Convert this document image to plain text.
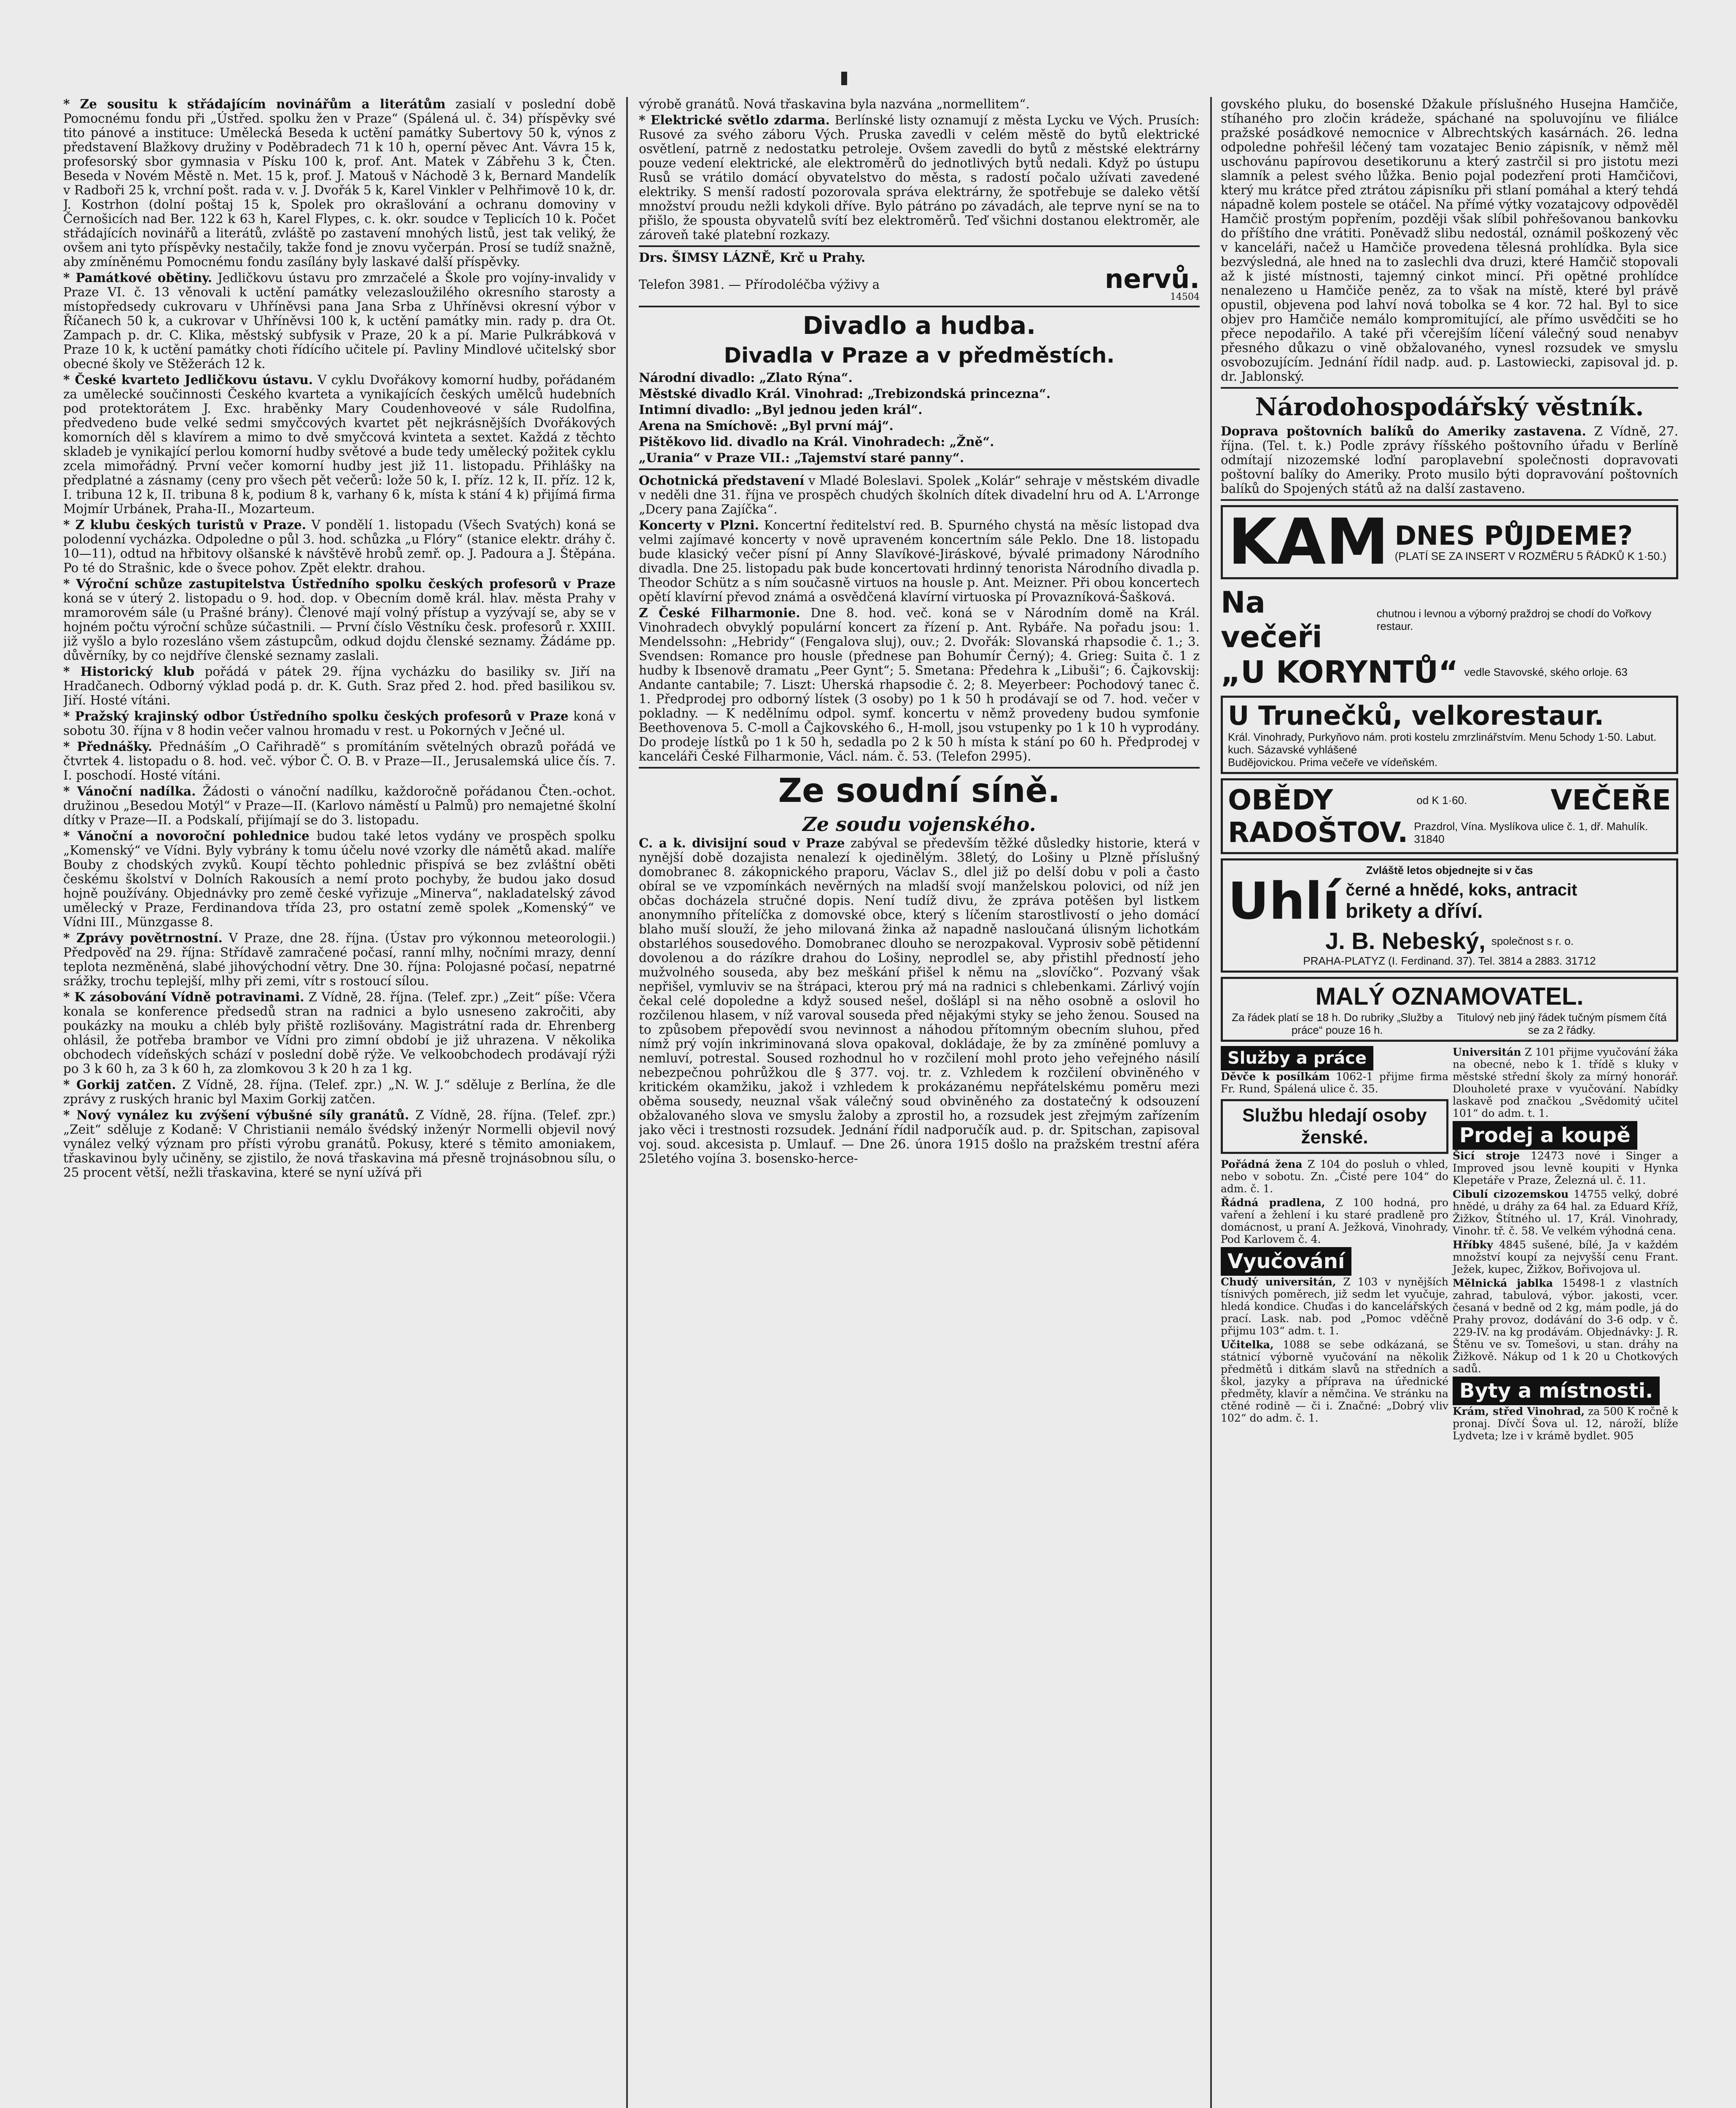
* Ze sousitu k střádajícím novinářům a literátům zasialí v poslední době Pomocnému fondu při „Ústřed. spolku žen v Praze“ (Spálená ul. č. 34) příspěvky své tito pánové a instituce: Umělecká Beseda k uctění památky Subertovy 50 k, výnos z představení Blažkovy družiny v Poděbradech 71 k 10 h, operní pěvec Ant. Vávra 15 k, profesorský sbor gymnasia v Písku 100 k, prof. Ant. Matek v Zábřehu 3 k, Čten. Beseda v Novém Městě n. Met. 15 k, prof. J. Matouš v Náchodě 3 k, Bernard Mandelík v Radboři 25 k, vrchní pošt. rada v. v. J. Dvořák 5 k, Karel Vinkler v Pelhřimově 10 k, dr. J. Kostrhon (dolní poštaj 15 k, Spolek pro okrašlování a ochranu domoviny v Černošicích nad Ber. 122 k 63 h, Karel Flypes, c. k. okr. soudce v Teplicích 10 k. Počet střádajících novinářů a literátů, zvláště po zastavení mnohých listů, jest tak veliký, že ovšem ani tyto příspěvky nestačily, takže fond je znovu vyčerpán. Prosí se tudíž snažně, aby zmíněnému Pomocnému fondu zasílány byly laskavé další příspěvky.

* Památkové obětiny. Jedličkovu ústavu pro zmrzačelé a Škole pro vojíny-invalidy v Praze VI. č. 13 věnovali k uctění památky velezasloužilého okresního starosty a místopředsedy cukrovaru v Uhříněvsi pana Jana Srba z Uhříněvsi okresní výbor v Říčanech 50 k, a cukrovar v Uhříněvsi 100 k, k uctění památky min. rady p. dra Ot. Zampach p. dr. C. Klika, městský subfysik v Praze, 20 k a pí. Marie Pulkrábková v Praze 10 k, k uctění památky choti řídícího učitele pí. Pavliny Mindlové učitelský sbor obecné školy ve Stěžerách 12 k.

* České kvarteto Jedličkovu ústavu. V cyklu Dvořákovy komorní hudby, pořádaném za umělecké součinnosti Českého kvarteta a vynikajících českých umělců hudebních pod protektorátem J. Exc. hraběnky Mary Coudenhoveové v sále Rudolfina, předvedeno bude velké sedmi smyčcových kvartet pět nejkrásnějších Dvořákových komorních děl s klavírem a mimo to dvě smyčcová kvinteta a sextet. Každá z těchto skladeb je vynikající perlou komorní hudby světové a bude tedy umělecký požitek cyklu zcela mimořádný. První večer komorní hudby jest již 11. listopadu. Přihlášky na předplatné a zásnamy (ceny pro všech pět večerů: lože 50 k, I. příz. 12 k, II. příz. 12 k, I. tribuna 12 k, II. tribuna 8 k, podium 8 k, varhany 6 k, místa k stání 4 k) přijímá firma Mojmír Urbánek, Praha-II., Mozarteum.

* Z klubu českých turistů v Praze. V pondělí 1. listopadu (Všech Svatých) koná se polodenní vycházka. Odpoledne o půl 3. hod. schůzka „u Flóry“ (stanice elektr. dráhy č. 10—11), odtud na hřbitovy olšanské k návštěvě hrobů zemř. op. J. Padoura a J. Štěpána. Po té do Strašnic, kde o švece pohov. Zpět elektr. drahou.

* Výroční schůze zastupitelstva Ústředního spolku českých profesorů v Praze koná se v úterý 2. listopadu o 9. hod. dop. v Obecním domě král. hlav. města Prahy v mramorovém sále (u Prašné brány). Členové mají volný přístup a vyzývají se, aby se v hojném počtu výroční schůze súčastnili. — První číslo Věstníku česk. profesorů r. XXIII. již vyšlo a bylo rozesláno všem zástupcům, odkud dojdu členské seznamy. Žádáme pp. důvěrníky, by co nejdříve členské seznamy zaslali.

* Historický klub pořádá v pátek 29. října vycházku do basiliky sv. Jiří na Hradčanech. Odborný výklad podá p. dr. K. Guth. Sraz před 2. hod. před basilikou sv. Jiří. Hosté vítáni.

* Pražský krajinský odbor Ústředního spolku českých profesorů v Praze koná v sobotu 30. října v 8 hodin večer valnou hromadu v rest. u Pokorných v Ječné ul.

* Přednášky. Přednáším „O Cařihradě“ s promítáním světelných obrazů pořádá ve čtvrtek 4. listopadu o 8. hod. več. výbor Č. O. B. v Praze—II., Jerusalemská ulice čís. 7. I. poschodí. Hosté vítáni.

* Vánoční nadílka. Žádosti o vánoční nadílku, každoročně pořádanou Čten.-ochot. družinou „Besedou Motýl“ v Praze—II. (Karlovo náměstí u Palmů) pro nemajetné školní dítky v Praze—II. a Podskalí, přijímají se do 3. listopadu.

* Vánoční a novoroční pohlednice budou také letos vydány ve prospěch spolku „Komenský“ ve Vídni. Byly vybrány k tomu účelu nové vzorky dle námětů akad. malíře Bouby z chodských zvyků. Koupí těchto pohlednic přispívá se bez zvláštní oběti českému školství v Dolních Rakousích a nemí proto pochyby, že budou jako dosud hojně používány. Objednávky pro země české vyřizuje „Minerva“, nakladatelský závod umělecký v Praze, Ferdinandova třída 23, pro ostatní země spolek „Komenský“ ve Vídni III., Münzgasse 8.

* Zprávy povětrnostní. V Praze, dne 28. října. (Ústav pro výkonnou meteorologii.) Předpověď na 29. října: Střídavě zamračené počasí, ranní mlhy, nočními mrazy, denní teplota nezměněná, slabé jihovýchodní větry. Dne 30. října: Polojasné počasí, nepatrné srážky, trochu teplejší, mlhy při zemi, vítr s rostoucí sílou.

* K zásobování Vídně potravinami. Z Vídně, 28. října. (Telef. zpr.) „Zeit“ píše: Včera konala se konference předsedů stran na radnici a bylo usneseno zakročiti, aby poukázky na mouku a chléb byly přiště rozlišovány. Magistrátní rada dr. Ehrenberg ohlásil, že potřeba brambor ve Vídni pro zimní období je již uhrazena. V několika obchodech vídeňských schází v poslední době rýže. Ve velkoobchodech prodávají rýži po 3 k 60 h, za 3 k 60 h, za zlomkovou 3 k 20 h za 1 kg.

* Gorkij zatčen. Z Vídně, 28. října. (Telef. zpr.) „N. W. J.“ sděluje z Berlína, že dle zprávy z ruských hranic byl Maxim Gorkij zatčen.

* Nový vynález ku zvýšení výbušné síly granátů. Z Vídně, 28. října. (Telef. zpr.) „Zeit“ sděluje z Kodaně: V Christianii nemálo švédský inženýr Normelli objevil nový vynález velký význam pro přísti výrobu granátů. Pokusy, které s těmito amoniakem, třaskavinou byly učiněny, se zjistilo, že nová třaskavina má přesně trojnásobnou sílu, o 25 procent větší, nežli třaskavina, které se nyní užívá při

výrobě granátů. Nová třaskavina byla nazvána „normellitem“.

* Elektrické světlo zdarma. Berlínské listy oznamují z města Lycku ve Vých. Prusích: Rusové za svého záboru Vých. Pruska zavedli v celém městě do bytů elektrické osvětlení, patrně z nedostatku petroleje. Ovšem zavedli do bytů z městské elektrárny pouze vedení elektrické, ale elektroměrů do jednotlivých bytů nedali. Když po ústupu Rusů se vrátilo domácí obyvatelstvo do města, s radostí počalo užívati zavedené elektriky. S menší radostí pozorovala správa elektrárny, že spotřebuje se daleko větší množství proudu nežli kdykoli dříve. Bylo pátráno po závadách, ale teprve nyní se na to přišlo, že spousta obyvatelů svítí bez elektroměrů. Teď všichni dostanou elektroměr, ale zároveň také platební rozkazy.

Drs. ŠIMSY LÁZNĚ, Krč u Prahy.

Telefon 3981. — Přírodoléčba výživy a	nervů.
14504
Divadlo a hudba.
Divadla v Praze a v předměstích.

Národní divadlo: „Zlato Rýna“.

Městské divadlo Král. Vinohrad: „Trebizondská princezna“.

Intimní divadlo: „Byl jednou jeden král“.

Arena na Smíchově: „Byl první máj“.

Pištěkovo lid. divadlo na Král. Vinohradech: „Žně“.

„Urania“ v Praze VII.: „Tajemství staré panny“.

Ochotnická představení v Mladé Boleslavi. Spolek „Kolár“ sehraje v městském divadle v neděli dne 31. října ve prospěch chudých školních dítek divadelní hru od A. L'Arronge „Dcery pana Zajíčka“.

Koncerty v Plzni. Koncertní ředitelství red. B. Spurného chystá na měsíc listopad dva velmi zajímavé koncerty v nově upraveném koncertním sále Peklo. Dne 18. listopadu bude klasický večer písní pí Anny Slavíkové-Jiráskové, bývalé primadony Národního divadla. Dne 25. listopadu pak bude koncertovati hrdinný tenorista Národního divadla p. Theodor Schütz a s ním současně virtuos na housle p. Ant. Meizner. Při obou koncertech opětí klavírní převod známá a osvědčená klavírní virtuoska pí Provazníková-Šašková.

Z České Filharmonie. Dne 8. hod. več. koná se v Národním domě na Král. Vinohradech obvyklý populární koncert za řízení p. Ant. Rybáře. Na pořadu jsou: 1. Mendelssohn: „Hebridy“ (Fengalova sluj), ouv.; 2. Dvořák: Slovanská rhapsodie č. 1.; 3. Svendsen: Romance pro housle (přednese pan Bohumír Černý); 4. Grieg: Suita č. 1 z hudby k Ibsenově dramatu „Peer Gynt“; 5. Smetana: Předehra k „Libuši“; 6. Čajkovskij: Andante cantabile; 7. Liszt: Uherská rhapsodie č. 2; 8. Meyerbeer: Pochodový tanec č. 1. Předprodej pro odborný lístek (3 osoby) po 1 k 50 h prodávají se od 7. hod. večer v pokladny. — K nedělnímu odpol. symf. koncertu v němž provedeny budou symfonie Beethovenova 5. C-moll a Čajkovského 6., H-moll, jsou vstupenky po 1 k 10 h vyprodány. Do prodeje lístků po 1 k 50 h, sedadla po 2 k 50 h místa k stání po 60 h. Předprodej v kanceláři České Filharmonie, Václ. nám. č. 53. (Telefon 2995).

Ze soudní síně.
Ze soudu vojenského.

C. a k. divisijní soud v Praze zabýval se především těžké důsledky historie, která v nynější době dozajista nenalezí k ojedinělým. 38letý, do Lošiny u Plzně příslušný domobranec 8. zákopnického praporu, Václav S., dlel již po delší dobu v poli a často obíral se ve vzpomínkách nevěrných na mladší svojí manželskou polovici, od níž jen občas docházela stručné dopis. Není tudíž divu, že zpráva potěšen byl listkem anonymního přítelíčka z domovské obce, který s líčením starostlivostí o jeho domácí blaho muší slouží, že jeho milovaná žinka až napadně nasloučaná úlisným lichotkám obstarléhos sousedového. Domobranec dlouho se nerozpakoval. Vyprosiv sobě pětidenní dovolenou a do rázíkre drahou do Lošiny, neprodlel se, aby přistihl předností jeho mužvolného souseda, aby bez meškání přišel k němu na „slovíčko“. Pozvaný však nepřišel, vymluviv se na štrápaci, kterou prý má na radnici s chlebenkami. Zárlivý vojín čekal celé dopoledne a když soused nešel, došlápl si na něho osobně a oslovil ho rozčilenou hlasem, v níž varoval souseda před nějakými styky se jeho ženou. Soused na to způsobem přepovědí svou nevinnost a náhodou přítomným obecním sluhou, před nímž prý vojín inkriminovaná slova opakoval, dokládaje, že by za zmíněné pomluvy a nemluví, potrestal. Soused rozhodnul ho v rozčilení mohl proto jeho veřejného násilí nebezpečnou pohrůžkou dle § 377. voj. tr. z. Vzhledem k rozčilení obviněného v kritickém okamžiku, jakož i vzhledem k prokázanému nepřátelskému poměru mezi oběma sousedy, neuznal však válečný soud obviněného za dostatečný k odsouzení obžalovaného slova ve smyslu žaloby a zprostil ho, a rozsudek jest zřejmým zařízením jako věci i trestnosti rozsudek. Jednání řídil nadporučík aud. p. dr. Spitschan, zapisoval voj. soud. akcesista p. Umlauf. — Dne 26. února 1915 došlo na pražském trestní aféra 25letého vojína 3. bosensko-herce-

govského pluku, do bosenské Džakule příslušného Husejna Hamčiče, stíhaného pro zločin krádeže, spáchané na spoluvojínu ve filiálce pražské posádkové nemocnice v Albrechtských kasárnách. 26. ledna odpoledne pohřešil léčený tam vozatajec Benio zápisník, v němž měl uschovánu papírovou desetikorunu a který zastrčil si pro jistotu mezi slamník a pelest svého lůžka. Benio pojal podezření proti Hamčičovi, který mu krátce před ztrátou zápisníku při stlaní pomáhal a který tehdá nápadně kolem postele se otáčel. Na přímé výtky vozatajcovy odpověděl Hamčič prostým popřením, později však slíbil pohřešovanou bankovku do příštího dne vrátiti. Poněvadž slibu nedostál, oznámil poškozený věc v kanceláři, načež u Hamčiče provedena tělesná prohlídka. Byla sice bezvýsledná, ale hned na to zaslechli dva druzi, které Hamčič stopovali až k jisté místnosti, tajemný cinkot mincí. Při opětné prohlídce nenalezeno u Hamčiče peněz, za to však na místě, které byl právě opustil, objevena pod lahví nová tobolka se 4 kor. 72 hal. Byl to sice objev pro Hamčiče nemálo kompromitující, ale přímo usvědčiti se ho přece nepodařilo. A také při včerejším líčení válečný soud nenabyv přesného důkazu o vině obžalovaného, vynesl rozsudek ve smyslu osvobozujícím. Jednání řídil nadp. aud. p. Lastowiecki, zapisoval jd. p. dr. Jablonský.

Národohospodářský věstník.

Doprava poštovních balíků do Ameriky zastavena. Z Vídně, 27. října. (Tel. t. k.) Podle zprávy říšského poštovního úřadu v Berlíně odmítají nizozemské loďní paroplavební společnosti dopravovati poštovní balíky do Ameriky. Proto musilo býti dopravování poštovních balíků do Spojených států až na další zastaveno.

KAM DNES PŮJDEME?
(PLATÍ SE ZA INSERT V ROZMĚRU 5 ŘÁDKŮ K 1·50.)
Na večeři
chutnou i levnou a výborný praždroj se chodí do Vořkovy restaur.
„U KORYNTŮ“ vedle Stavovské, ského orloje. 63
U Trunečků, velkorestaur.
Král. Vinohrady, Purkyňovo nám. proti kostelu zmrzlinářstvím. Menu 5chody 1·50. Labut. kuch. Sázavské vyhlášené
Budějovickou. Prima večeře ve vídeňském.
OBĚDY	od K 1·60.	VEČEŘE
RADOŠTOV. Prazdrol, Vína. Myslíkova ulice č. 1, dř. Mahulík. 31840
Zvláště letos objednejte si v čas
Uhlí černé a hnědé, koks, antracit
brikety a dříví.
J. B. Nebeský, společnost s r. o.
PRAHA-PLATYZ (I. Ferdinand. 37). Tel. 3814 a 2883. 31712
MALÝ OZNAMOVATEL.
Za řádek platí se 18 h. Do rubriky „Služby a práce“ pouze 16 h.
Titulový neb jiný řádek tučným písmem čítá se za 2 řádky.
Služby a práce

Děvče k posílkám 1062-1 přijme firma Fr. Rund, Spálená ulice č. 35.

Službu hledají osoby ženské.

Pořádná žena Z 104 do posluh o vhled, nebo v sobotu. Zn. „Čisté pere 104“ do adm. č. 1.

Řádná pradlena, Z 100 hodná, pro vaření a žehlení i ku staré pradleně pro domácnost, u praní A. Ježková, Vinohrady, Pod Karlovem č. 4.

Vyučování

Chudý universitán, Z 103 v nynějších tísnivých poměrech, již sedm let vyučuje, hledá kondice. Chuďas i do kancelářských prací. Lask. nab. pod „Pomoc vděčně přijmu 103“ adm. t. 1.

Učitelka, 1088 se sebe odkázaná, se státnicí výborně vyučování na několik předmětů i ditkám slavů na středních a škol, jazyky a příprava na úřednické předměty, klavír a němčina. Ve stránku na ctěné rodině — či i. Značné: „Dobrý vliv 102“ do adm. č. 1.

Universitán Z 101 přijme vyučování žáka na obecné, nebo k 1. třídě s kluky v městské střední školy za mírný honorář. Dlouholeté praxe v vyučování. Nabídky laskavě pod značkou „Svědomitý učitel 101“ do adm. t. 1.

Prodej a koupě

Šicí stroje 12473 nové i Singer a Improved jsou levně koupiti v Hynka Klepetáře v Praze, Železná ul. č. 11.

Cibulí cizozemskou 14755 velký, dobré hnědé, u dráhy za 64 hal. za Eduard Kříž, Žižkov, Štítného ul. 17, Král. Vinohrady, Vinohr. tř. č. 58. Ve velkém výhodná cena.

Hříbky 4845 sušené, bílé, Ja v každém množství koupí za nejvyšší cenu Frant. Ježek, kupec, Žižkov, Bořivojova ul.

Mělnická jablka 15498-1 z vlastních zahrad, tabulová, výbor. jakosti, vcer. česaná v bedně od 2 kg, mám podle, já do Prahy provoz, dodávání do 3-6 odp. v č. 229-IV. na kg prodávám. Objednávky: J. R. Štěnu ve sv. Tomešovi, u stan. dráhy na Žižkově. Nákup od 1 k 20 u Chotkových sadů.

Byty a místnosti.

Krám, střed Vinohrad, za 500 K ročně k pronaj. Dívčí Šova ul. 12, nároží, blíže Lydveta; lze i v krámě bydlet. 905
